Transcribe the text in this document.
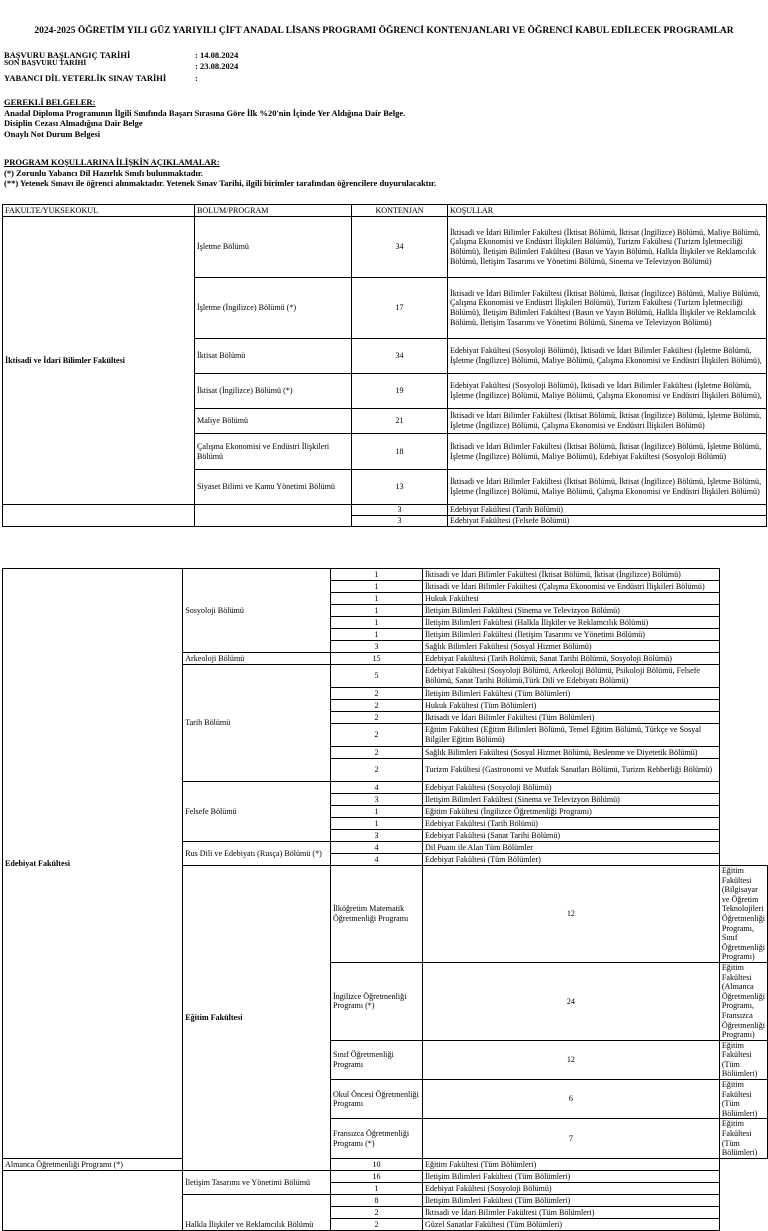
2024-2025 ÖĞRETİM YILI GÜZ YARIYILI ÇİFT ANADAL LİSANS PROGRAMI ÖĞRENCİ KONTENJANLARI VE ÖĞRENCİ KABUL EDİLECEK PROGRAMLAR
BAŞVURU BAŞLANGIÇ TARİHİ	: 14.08.2024
SON BAŞVURU TARİHİ	: 23.08.2024
YABANCI DİL YETERLİK SINAV TARİHİ	:
GEREKLİ BELGELER:
Anadal Diploma Programının İlgili Sınıfında Başarı Sırasına Göre İlk %20'nin İçinde Yer Aldığına Dair Belge.
Disiplin Cezası Almadığına Dair Belge
Onaylı Not Durum Belgesi
PROGRAM KOŞULLARINA İLİŞKİN AÇIKLAMALAR:
(*) Zorunlu Yabancı Dil Hazırlık Sınıfı bulunmaktadır.
(**) Yetenek Sınavı ile öğrenci alınmaktadır. Yetenek Sınav Tarihi, ilgili birimler tarafından öğrencilere duyurulacaktır.
FAKULTE/YUKSEKOKUL	BOLUM/PROGRAM	KONTENJAN	KOŞULLAR
İktisadi ve İdari Bilimler Fakültesi	İşletme Bölümü	34	İktisadi ve İdari Bilimler Fakültesi (İktisat Bölümü, İktisat (İngilizce) Bölümü, Maliye Bölümü, Çalışma Ekonomisi ve Endüstri İlişkileri Bölümü), Turizm Fakültesi (Turizm İşletmeciliği Bölümü), İletişim Bilimleri Fakültesi (Basın ve Yayın Bölümü, Halkla İlişkiler ve Reklamcılık Bölümü, İletişim Tasarımı ve Yönetimi Bölümü, Sinema ve Televizyon Bölümü)
	İşletme (İngilizce) Bölümü (*)	17	İktisadi ve İdari Bilimler Fakültesi (İktisat Bölümü, İktisat (İngilizce) Bölümü, Maliye Bölümü, Çalışma Ekonomisi ve Endüstri İlişkileri Bölümü), Turizm Fakültesi (Turizm İşletmeciliği Bölümü), İletişim Bilimleri Fakültesi (Basın ve Yayın Bölümü, Halkla İlişkiler ve Reklamcılık Bölümü, İletişim Tasarımı ve Yönetimi Bölümü, Sinema ve Televizyon Bölümü)
	İktisat Bölümü	34	Edebiyat Fakültesi (Sosyoloji Bölümü), İktisadi ve İdari Bilimler Fakültesi (İşletme Bölümü, İşletme (İngilizce) Bölümü, Maliye Bölümü, Çalışma Ekonomisi ve Endüstri İlişkileri Bölümü),
	İktisat (İngilizce) Bölümü (*)	19	Edebiyat Fakültesi (Sosyoloji Bölümü), İktisadi ve İdari Bilimler Fakültesi (İşletme Bölümü, İşletme (İngilizce) Bölümü, Maliye Bölümü, Çalışma Ekonomisi ve Endüstri İlişkileri Bölümü),
	Maliye Bölümü	21	İktisadi ve İdari Bilimler Fakültesi (İktisat Bölümü, İktisat (İngilizce) Bölümü, İşletme Bölümü, İşletme (İngilizce) Bölümü, Çalışma Ekonomisi ve Endüstri İlişkileri Bölümü)
	Çalışma Ekonomisi ve Endüstri İlişkileri Bölümü	18	İktisadi ve İdari Bilimler Fakültesi (İktisat Bölümü, İktisat (İngilizce) Bölümü, İşletme Bölümü, İşletme (İngilizce) Bölümü, Maliye Bölümü), Edebiyat Fakültesi (Sosyoloji Bölümü)
	Siyaset Bilimi ve Kamu Yönetimi Bölümü	13	İktisadi ve İdari Bilimler Fakültesi (İktisat Bölümü, İktisat (İngilizce) Bölümü, İşletme Bölümü, İşletme (İngilizce) Bölümü, Maliye Bölümü, Çalışma Ekonomisi ve Endüstri İlişkileri Bölümü)
		3	Edebiyat Fakültesi (Tarih Bölümü)
		3	Edebiyat Fakültesi (Felsefe Bölümü)
Edebiyat Fakültesi	Sosyoloji Bölümü	1	İktisadi ve İdari Bilimler Fakültesi (İktisat Bölümü, İktisat (İngilizce) Bölümü)	
		1	İktisadi ve İdari Bilimler Fakültesi (Çalışma Ekonomisi ve Endüstri İlişkileri Bölümü)	
		1	Hukuk Fakültesi	
		1	İletişim Bilimleri Fakültesi (Sinema ve Televizyon Bölümü)	
		1	İletişim Bilimleri Fakültesi (Halkla İlişkiler ve Reklamcılık Bölümü)	
		1	İletişim Bilimleri Fakültesi (İletişim Tasarımı ve Yönetimi Bölümü)	
		3	Sağlık Bilimleri Fakültesi (Sosyal Hizmet Bölümü)	
	Arkeoloji Bölümü	15	Edebiyat Fakültesi (Tarih Bölümü, Sanat Tarihi Bölümü, Sosyoloji Bölümü)	
	Tarih Bölümü	5	Edebiyat Fakültesi (Sosyoloji Bölümü, Arkeoloji Bölümü, Psikoloji Bölümü, Felsefe Bölümü, Sanat Tarihi Bölümü,Türk Dili ve Edebiyatı Bölümü)	
		2	İletişim Bilimleri Fakültesi (Tüm Bölümleri)	
		2	Hukuk Fakültesi (Tüm Bölümleri)	
		2	İktisadi ve İdari Bilimler Fakültesi (Tüm Bölümleri)	
		2	Eğitim Fakültesi (Eğitim Bilimleri Bölümü, Temel Eğitim Bölümü, Türkçe ve Sosyal Bilgiler Eğitim Bölümü)	
		2	Sağlık Bilimleri Fakültesi (Sosyal Hizmet Bölümü, Beslenme ve Diyetetik Bölümü)	
		2	Turizm Fakültesi (Gastronomi ve Mutfak Sanatları Bölümü, Turizm Rehberliği Bölümü)	
	Felsefe Bölümü	4	Edebiyat Fakültesi (Sosyoloji Bölümü)	
		3	İletişim Bilimleri Fakültesi (Sinema ve Televizyon Bölümü)	
		1	Eğitim Fakültesi (İngilizce Öğretmenliği Programı)	
		1	Edebiyat Fakültesi (Tarih Bölümü)	
		3	Edebiyat Fakültesi (Sanat Tarihi Bölümü)	
	Rus Dili ve Edebiyatı (Rusça) Bölümü (*)	4	Dil Puanı ile Alan Tüm Bölümler	
		4	Edebiyat Fakültesi (Tüm Bölümler)	
	Eğitim Fakültesi	İlköğretim Matematik Öğretmenliği Programı	12	Eğitim Fakültesi (Bilgisayar ve Öğretim Teknolojileri Öğretmenliği Programı, Sınıf Öğretmenliği Programı)
		İngilizce Öğretmenliği Programı (*)	24	Eğitim Fakültesi (Almanca Öğretmenliği Programı, Fransızca Öğretmenliği Programı)
		Sınıf Öğretmenliği Programı	12	Eğitim Fakültesi (Tüm Bölümleri)
		Okul Öncesi Öğretmenliği Programı	6	Eğitim Fakültesi (Tüm Bölümleri)
		Fransızca Öğretmenliği Programı (*)	7	Eğitim Fakültesi (Tüm Bölümleri)
Almanca Öğretmenliği Programı (*)		10	Eğitim Fakültesi (Tüm Bölümleri)	
	İletişim Tasarımı ve Yönetimi Bölümü	16	İletişim Bilimleri Fakültesi (Tüm Bölümleri)	
		1	Edebiyat Fakültesi (Sosyoloji Bölümü)	
	Halkla İlişkiler ve Reklamcılık Bölümü	8	İletişim Bilimleri Fakültesi (Tüm Bölümleri)	
		2	İktisadi ve İdari Bilimler Fakültesi (Tüm Bölümleri)	
		2	Güzel Sanatlar Fakültesi (Tüm Bölümleri)	
